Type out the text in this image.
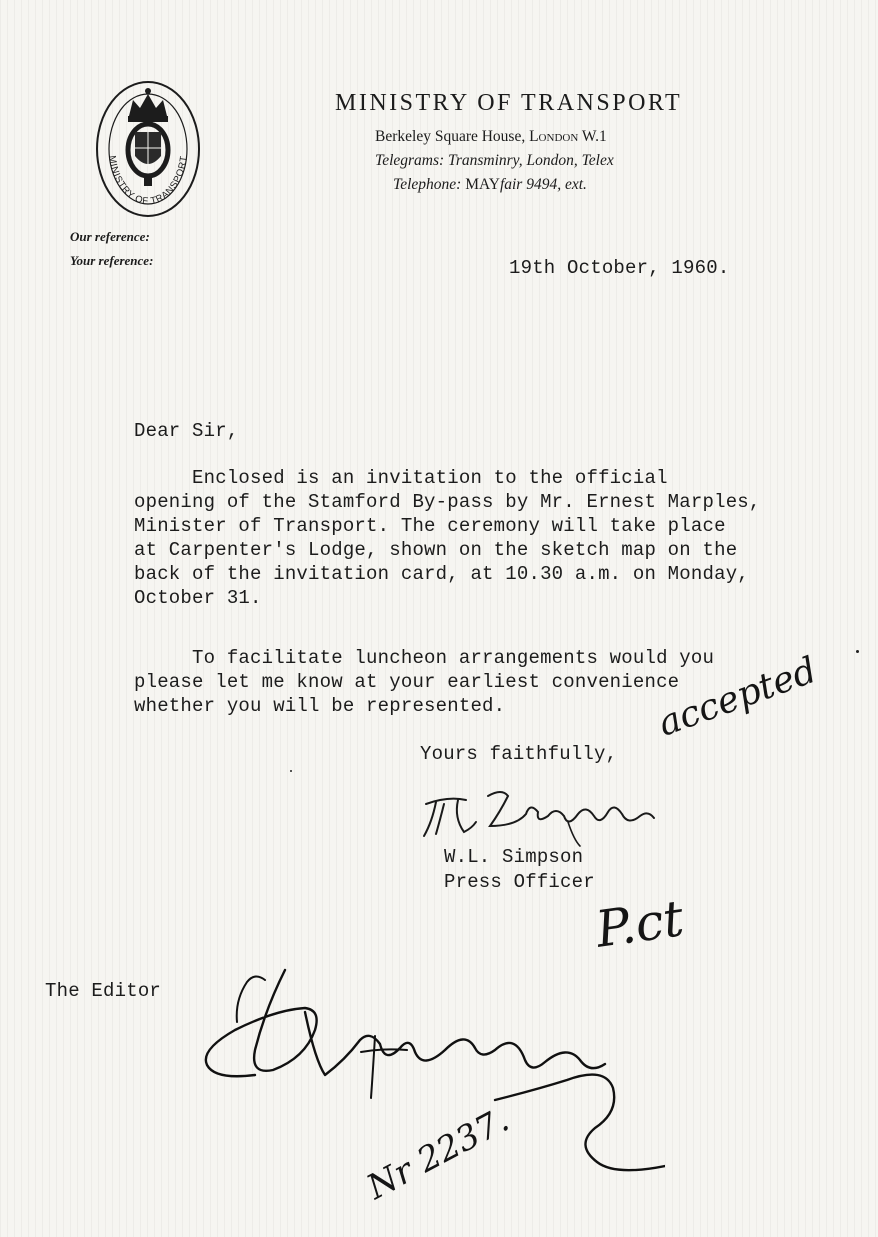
MINISTRY OF TRANSPORT
MINISTRY OF TRANSPORT
Berkeley Square House, London W.1
Telegrams: Transminry, London, Telex
Telephone: MAYfair 9494, ext.
Our reference:
Your reference:	19th October, 1960.
Dear Sir,
Enclosed is an invitation to the official
opening of the Stamford By-pass by Mr. Ernest Marples,
Minister of Transport. The ceremony will take place
at Carpenter's Lodge, shown on the sketch map on the
back of the invitation card, at 10.30 a.m. on Monday,
October 31.
To facilitate luncheon arrangements would you
please let me know at your earliest convenience
whether you will be represented.	accepted
Yours faithfully,
W.L. Simpson
Press Officer
P.ct
The Editor
Nr 2237.
